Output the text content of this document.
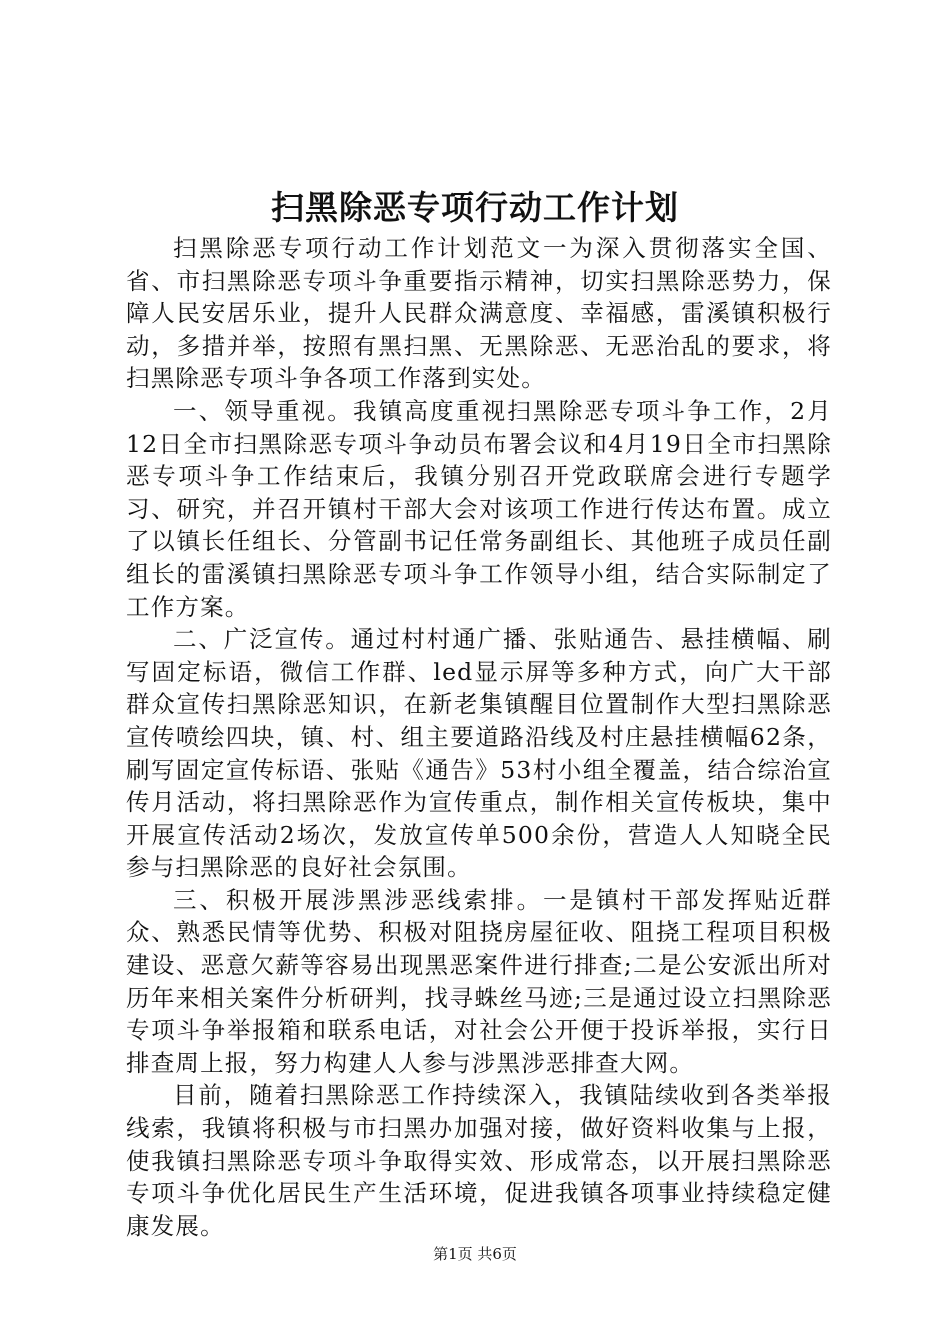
扫黑除恶专项行动工作计划

扫黑除恶专项行动工作计划范文一为深入贯彻落实全国、省、市扫黑除恶专项斗争重要指示精神，切实扫黑除恶势力，保障人民安居乐业，提升人民群众满意度、幸福感，雷溪镇积极行动，多措并举，按照有黑扫黑、无黑除恶、无恶治乱的要求，将扫黑除恶专项斗争各项工作落到实处。

一、领导重视。我镇高度重视扫黑除恶专项斗争工作，2月12日全市扫黑除恶专项斗争动员布署会议和4月19日全市扫黑除恶专项斗争工作结束后，我镇分别召开党政联席会进行专题学习、研究，并召开镇村干部大会对该项工作进行传达布置。成立了以镇长任组长、分管副书记任常务副组长、其他班子成员任副组长的雷溪镇扫黑除恶专项斗争工作领导小组，结合实际制定了工作方案。

二、广泛宣传。通过村村通广播、张贴通告、悬挂横幅、刷写固定标语，微信工作群、led显示屏等多种方式，向广大干部群众宣传扫黑除恶知识，在新老集镇醒目位置制作大型扫黑除恶宣传喷绘四块，镇、村、组主要道路沿线及村庄悬挂横幅62条，刷写固定宣传标语、张贴《通告》53村小组全覆盖，结合综治宣传月活动，将扫黑除恶作为宣传重点，制作相关宣传板块，集中开展宣传活动2场次，发放宣传单500余份，营造人人知晓全民参与扫黑除恶的良好社会氛围。

三、积极开展涉黑涉恶线索排。一是镇村干部发挥贴近群众、熟悉民情等优势、积极对阻挠房屋征收、阻挠工程项目积极建设、恶意欠薪等容易出现黑恶案件进行排查;二是公安派出所对历年来相关案件分析研判，找寻蛛丝马迹;三是通过设立扫黑除恶专项斗争举报箱和联系电话，对社会公开便于投诉举报，实行日排查周上报，努力构建人人参与涉黑涉恶排查大网。

目前，随着扫黑除恶工作持续深入，我镇陆续收到各类举报线索，我镇将积极与市扫黑办加强对接，做好资料收集与上报，使我镇扫黑除恶专项斗争取得实效、形成常态，以开展扫黑除恶专项斗争优化居民生产生活环境，促进我镇各项事业持续稳定健康发展。

第1页 共6页
